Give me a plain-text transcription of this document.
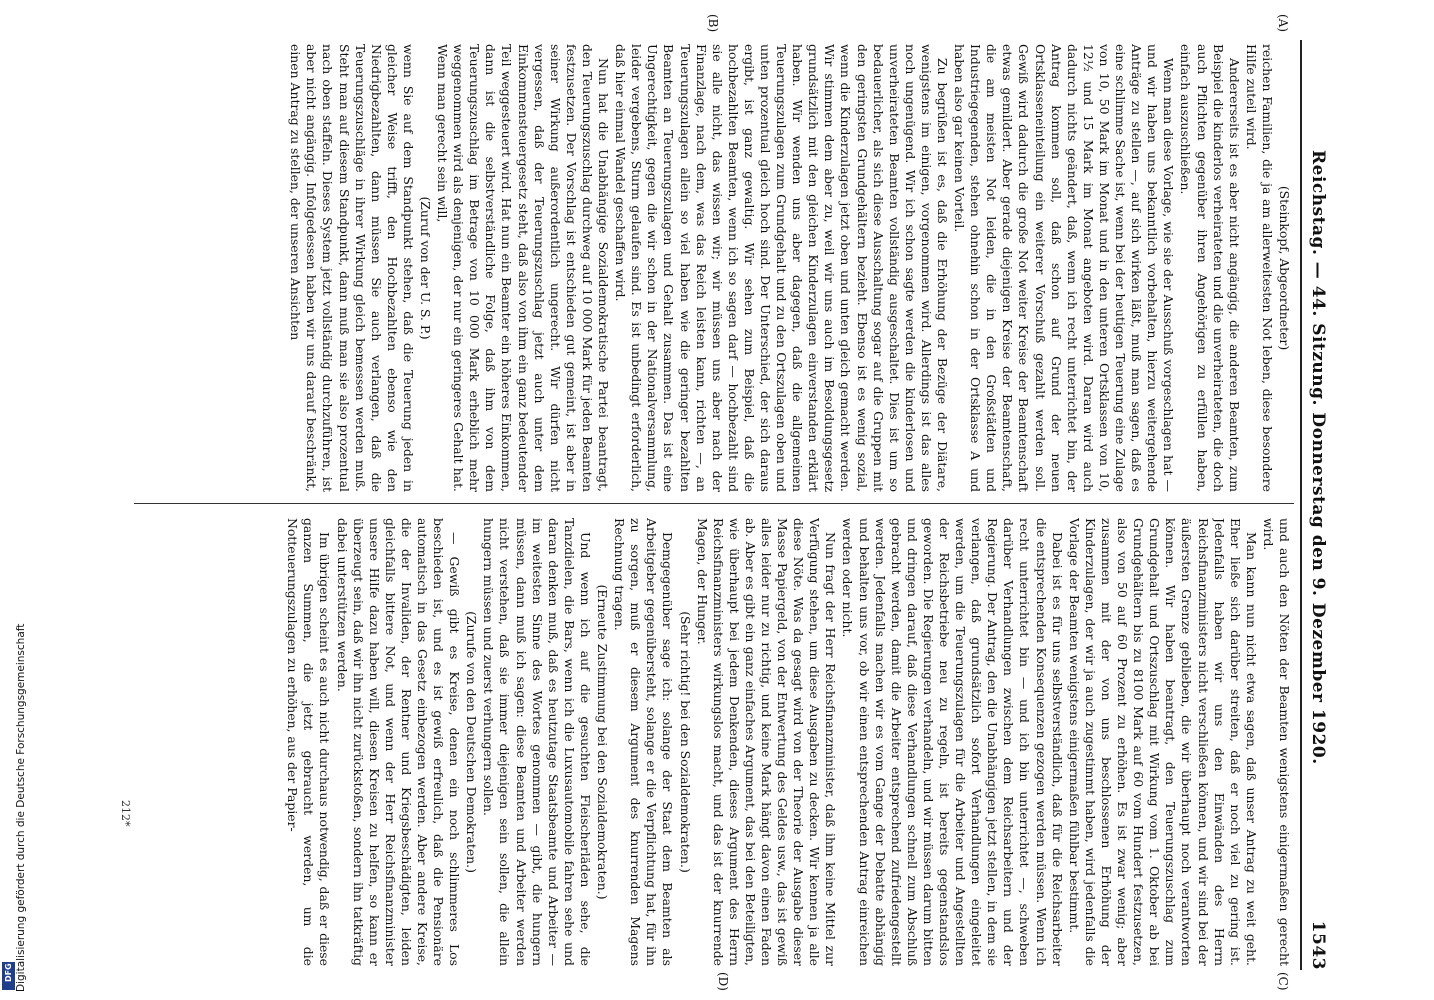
Reichstag. — 44. Sitzung. Donnerstag den 9. Dezember 1920.
1543
(A)
(B)
(C)
(D)

(Steinkopf, Abgeordneter)

reichen Familien, die ja am allerweitesten Not leben, diese besondere Hilfe zuteil wird.

Andererseits ist es aber nicht angängig, die anderen Beamten, zum Beispiel die kinderlos verheirateten und die unverheirateten, die doch auch Pflichten gegenüber ihren Angehörigen zu erfüllen haben, einfach auszuschließen.

Wenn man diese Vorlage, wie sie der Ausschuß vorgeschlagen hat — und wir haben uns bekanntlich vorbehalten, hierzu weitergehende Anträge zu stellen —, auf sich wirken läßt, muß man sagen, daß es eine schlimme Sache ist, wenn bei der heutigen Teuerung eine Zulage von 10, 50 Mark im Monat und in den unteren Ortsklassen von 10, 12½ und 15 Mark im Monat angeboten wird. Daran wird auch dadurch nichts geändert, daß, wenn ich recht unterrichtet bin, der Antrag kommen soll, daß schon auf Grund der neuen Ortsklasseneinteilung ein weiterer Vorschuß gezahlt werden soll. Gewiß wird dadurch die große Not weiter Kreise der Beamtenschaft etwas gemildert. Aber gerade diejenigen Kreise der Beamtenschaft, die am meisten Not leiden, die in den Großstädten und Industriegegenden, stehen ohnehin schon in der Ortsklasse A und haben also gar keinen Vorteil.

Zu begrüßen ist es, daß die Erhöhung der Bezüge der Diätare, wenigstens im einigen, vorgenommen wird. Allerdings ist das alles noch ungenügend. Wir ich schon sagte werden die kinderlosen und unverheirateten Beamten vollständig ausgeschaltet. Dies ist um so bedauerlicher, als sich diese Ausschaltung sogar auf die Gruppen mit den geringsten Grundgehältern bezieht. Ebenso ist es wenig sozial, wenn die Kinderzulagen jetzt oben und unten gleich gemacht werden. Wir stimmen dem aber zu, weil wir uns auch im Besoldungsgesetz grundsätzlich mit den gleichen Kinderzulagen einverstanden erklärt haben. Wir wenden uns aber dagegen, daß die allgemeinen Teuerungszulagen zum Grundgehalt und zu den Ortszulagen oben und unten prozentual gleich hoch sind. Der Unterschied, der sich daraus ergibt, ist ganz gewaltig. Wir sehen zum Beispiel, daß die hochbezahlten Beamten, wenn ich so sagen darf — hochbezahlt sind sie alle nicht, das wissen wir; wir müssen uns aber nach der Finanzlage, nach dem, was das Reich leisten kann, richten —, an Teuerungszulagen allein so viel haben wie die geringer bezahlten Beamten an Teuerungszulagen und Gehalt zusammen. Das ist eine Ungerechtigkeit, gegen die wir schon in der Nationalversammlung, leider vergebens, Sturm gelaufen sind. Es ist unbedingt erforderlich, daß hier einmal Wandel geschaffen wird.

Nun hat die Unabhängige Sozialdemokratische Partei beantragt, den Teuerungszuschlag durchweg auf 10 000 Mark für jeden Beamten festzusetzen. Der Vorschlag ist entschieden gut gemeint, ist aber in seiner Wirkung außerordentlich ungerecht. Wir dürfen nicht vergessen, daß der Teuerungszuschlag jetzt auch unter dem Einkommensteuergesetz steht, daß also von ihm ein ganz bedeutender Teil weggesteuert wird. Hat nun ein Beamter ein höheres Einkommen, dann ist die selbstverständliche Folge, daß ihm von dem Teuerungszuschlag im Betrage von 10 000 Mark erheblich mehr weggenommen wird als denjenigen, der nur ein geringeres Gehalt hat. Wenn man gerecht sein will,

(Zuruf von der U. S. P.)

wenn Sie auf dem Standpunkt stehen, daß die Teuerung jeden in gleicher Weise trifft, den Hochbezahlten ebenso wie den Niedrigbezahlten, dann müssen Sie auch verlangen, daß die Teuerungszuschläge in ihrer Wirkung gleich bemessen werden muß. Steht man auf diesem Standpunkt, dann muß man sie also prozentual nach oben staffeln. Dieses System jetzt vollständig durchzuführen, ist aber nicht angängig. Infolgedessen haben wir uns darauf beschränkt, einen Antrag zu stellen, der unseren Ansichten

und auch den Nöten der Beamten wenigstens einigermaßen gerecht wird.

Man kann nun nicht etwa sagen, daß unser Antrag zu weit geht. Eher ließe sich darüber streiten, daß er noch viel zu gering ist. Jedenfalls haben wir uns den Einwänden des Herrn Reichsfinanzministers nicht verschließen können, und wir sind bei der äußersten Grenze geblieben, die wir überhaupt noch verantworten können. Wir haben beantragt, den Teuerungszuschlag zum Grundgehalt und Ortszuschlag mit Wirkung vom 1. Oktober ab bei Grundgehältern bis zu 8100 Mark auf 60 vom Hundert festzusetzen, also von 50 auf 60 Prozent zu erhöhen. Es ist zwar wenig; aber zusammen mit der von uns beschlossenen Erhöhung der Kinderzulagen, der wir ja auch zugestimmt haben, wird jedenfalls die Vorlage der Beamten wenigstens einigermaßen fühlbar bestimmt.

Dabei ist es für uns selbstverständlich, daß für die Reichsarbeiter die entsprechenden Konsequenzen gezogen werden müssen. Wenn ich recht unterrichtet bin — und ich bin unterrichtet —, schweben darüber Verhandlungen zwischen dem Reichsarbeitern und der Regierung. Der Antrag, den die Unabhängigen jetzt stellen, in dem sie verlangen, daß grundsätzlich sofort Verhandlungen eingeleitet werden, um die Teuerungszulagen für die Arbeiter und Angestellten der Reichsbetriebe neu zu regeln, ist bereits gegenstandslos geworden. Die Regierungen verhandeln, und wir müssen darum bitten und dringen darauf, daß diese Verhandlungen schnell zum Abschluß gebracht werden, damit die Arbeiter entsprechend zufriedengestellt werden. Jedenfalls machen wir es vom Gange der Debatte abhängig und behalten uns vor, ob wir einen entsprechenden Antrag einreichen werden oder nicht.

Nun fragt der Herr Reichsfinanzminister, daß ihm keine Mittel zur Verfügung stehen, um diese Ausgaben zu decken. Wir kennen ja alle diese Nöte. Was da gesagt wird von der Theorie der Ausgabe dieser Masse Papiergeld, von der Entwertung des Geldes usw., das ist gewiß alles leider nur zu richtig, und keine Mark hängt davon einen Faden ab. Aber es gibt ein ganz einfaches Argument, das bei den Beteiligten, wie überhaupt bei jedem Denkenden, dieses Argument des Herrn Reichsfinanzministers wirkungslos macht, und das ist der knurrende Magen, der Hunger.

(Sehr richtig! bei den Sozialdemokraten.)

Demgegenüber sage ich: solange der Staat dem Beamten als Arbeitgeber gegenübersteht, solange er die Verpflichtung hat, für ihn zu sorgen, muß er diesem Argument des knurrenden Magens Rechnung tragen.

(Erneute Zustimmung bei den Sozialdemokraten.)

Und wenn ich auf die gesuchten Fleischerläden sehe, die Tanzdielen, die Bars, wenn ich die Luxusautomobile fahren sehe und daran denken muß, daß es heutzutage Staatsbeamte und Arbeiter — im weitesten Sinne des Wortes genommen — gibt, die hungern müssen, dann muß ich sagen: diese Beamten und Arbeiter werden nicht verstehen, daß sie immer diejenigen sein sollen, die allein hungern müssen und zuerst verhungern sollen.

(Zurufe von den Deutschen Demokraten.)

— Gewiß gibt es Kreise, denen ein noch schlimmeres Los beschieden ist, und es ist gewiß erfreulich, daß die Pensionäre automatisch in das Gesetz einbezogen werden. Aber andere Kreise, die der Invaliden, der Rentner und Kriegsbeschädigten, leiden gleichfalls bittere Not, und wenn der Herr Reichsfinanzminister unsere Hilfe dazu haben will, diesen Kreisen zu helfen, so kann er überzeugt sein, daß wir ihn nicht zurückstoßen, sondern ihn tatkräftig dabei unterstützen werden.

Im übrigen scheint es auch nicht durchaus notwendig, daß er diese ganzen Summen, die jetzt gebraucht werden, um die Notteuerungszulagen zu erhöhen, aus der Papier-

212*
Digitalisierung gefördert durch die Deutsche Forschungsgemeinschaft
DFG
